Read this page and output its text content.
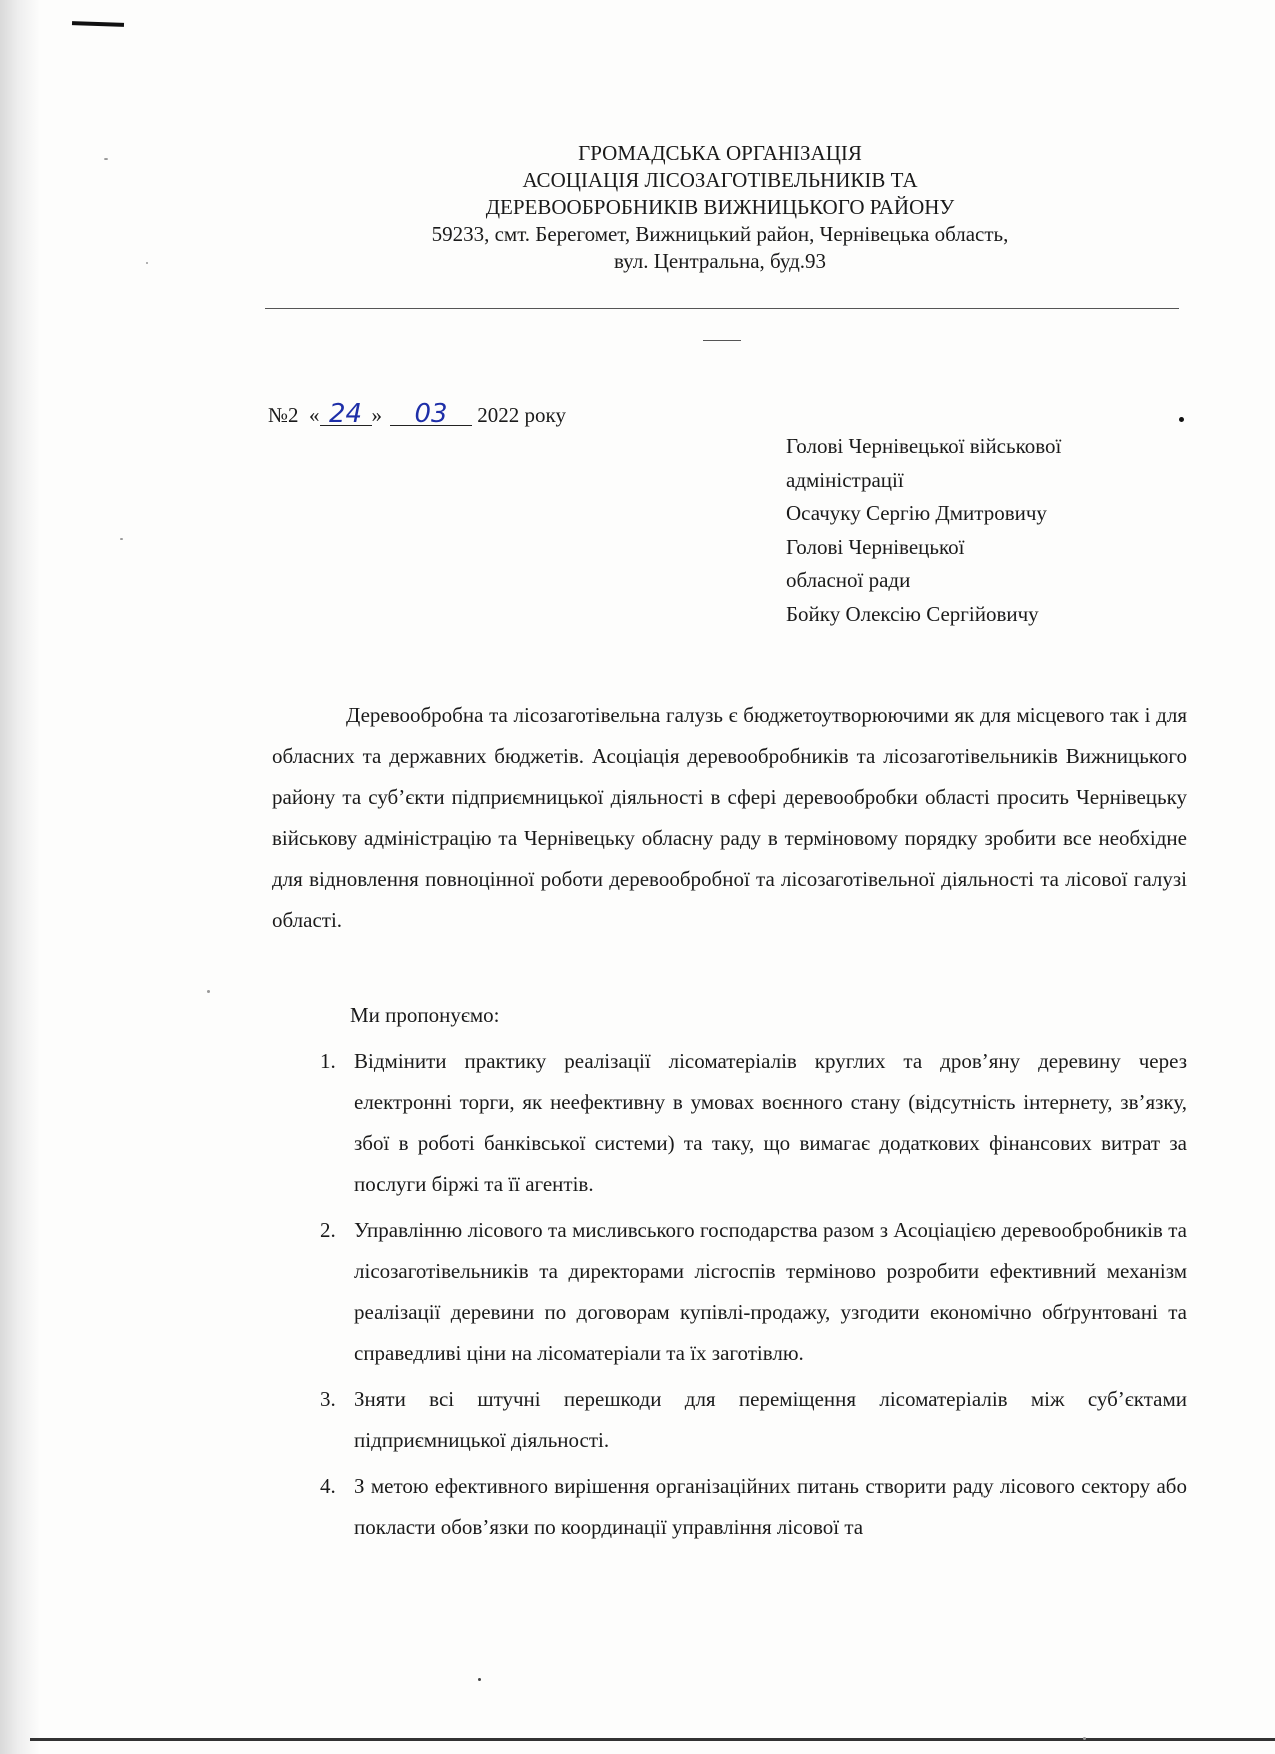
ГРОМАДСЬКА ОРГАНІЗАЦІЯ
АСОЦІАЦІЯ ЛІСОЗАГОТІВЕЛЬНИКІВ ТА
ДЕРЕВООБРОБНИКІВ ВИЖНИЦЬКОГО РАЙОНУ
59233, смт. Берегомет, Вижницький район, Чернівецька область,
вул. Центральна, буд.93
№2 « 24 » 03 2022 року
Голові Чернівецької військової
адміністрації
Осачуку Сергію Дмитровичу
Голові Чернівецької
обласної ради
Бойку Олексію Сергійовичу

Деревообробна та лісозаготівельна галузь є бюджетоутворюючими як для місцевого так і для обласних та державних бюджетів. Асоціація деревообробників та лісозаготівельників Вижницького району та суб’єкти підприємницької діяльності в сфері деревообробки області просить Чернівецьку військову адміністрацію та Чернівецьку обласну раду в терміновому порядку зробити все необхідне для відновлення повноцінної роботи деревообробної та лісозаготівельної діяльності та лісової галузі області.

Ми пропонуємо:
1. Відмінити практику реалізації лісоматеріалів круглих та дров’яну деревину через електронні торги, як неефективну в умовах воєнного стану (відсутність інтернету, зв’язку, збої в роботі банківської системи) та таку, що вимагає додаткових фінансових витрат за послуги біржі та її агентів.
2. Управлінню лісового та мисливського господарства разом з Асоціацією деревообробників та лісозаготівельників та директорами лісгоспів терміново розробити ефективний механізм реалізації деревини по договорам купівлі-продажу, узгодити економічно обґрунтовані та справедливі ціни на лісоматеріали та їх заготівлю.
3. Зняти всі штучні перешкоди для переміщення лісоматеріалів між суб’єктами підприємницької діяльності.
4. З метою ефективного вирішення організаційних питань створити раду лісового сектору або покласти обов’язки по координації управління лісової та
